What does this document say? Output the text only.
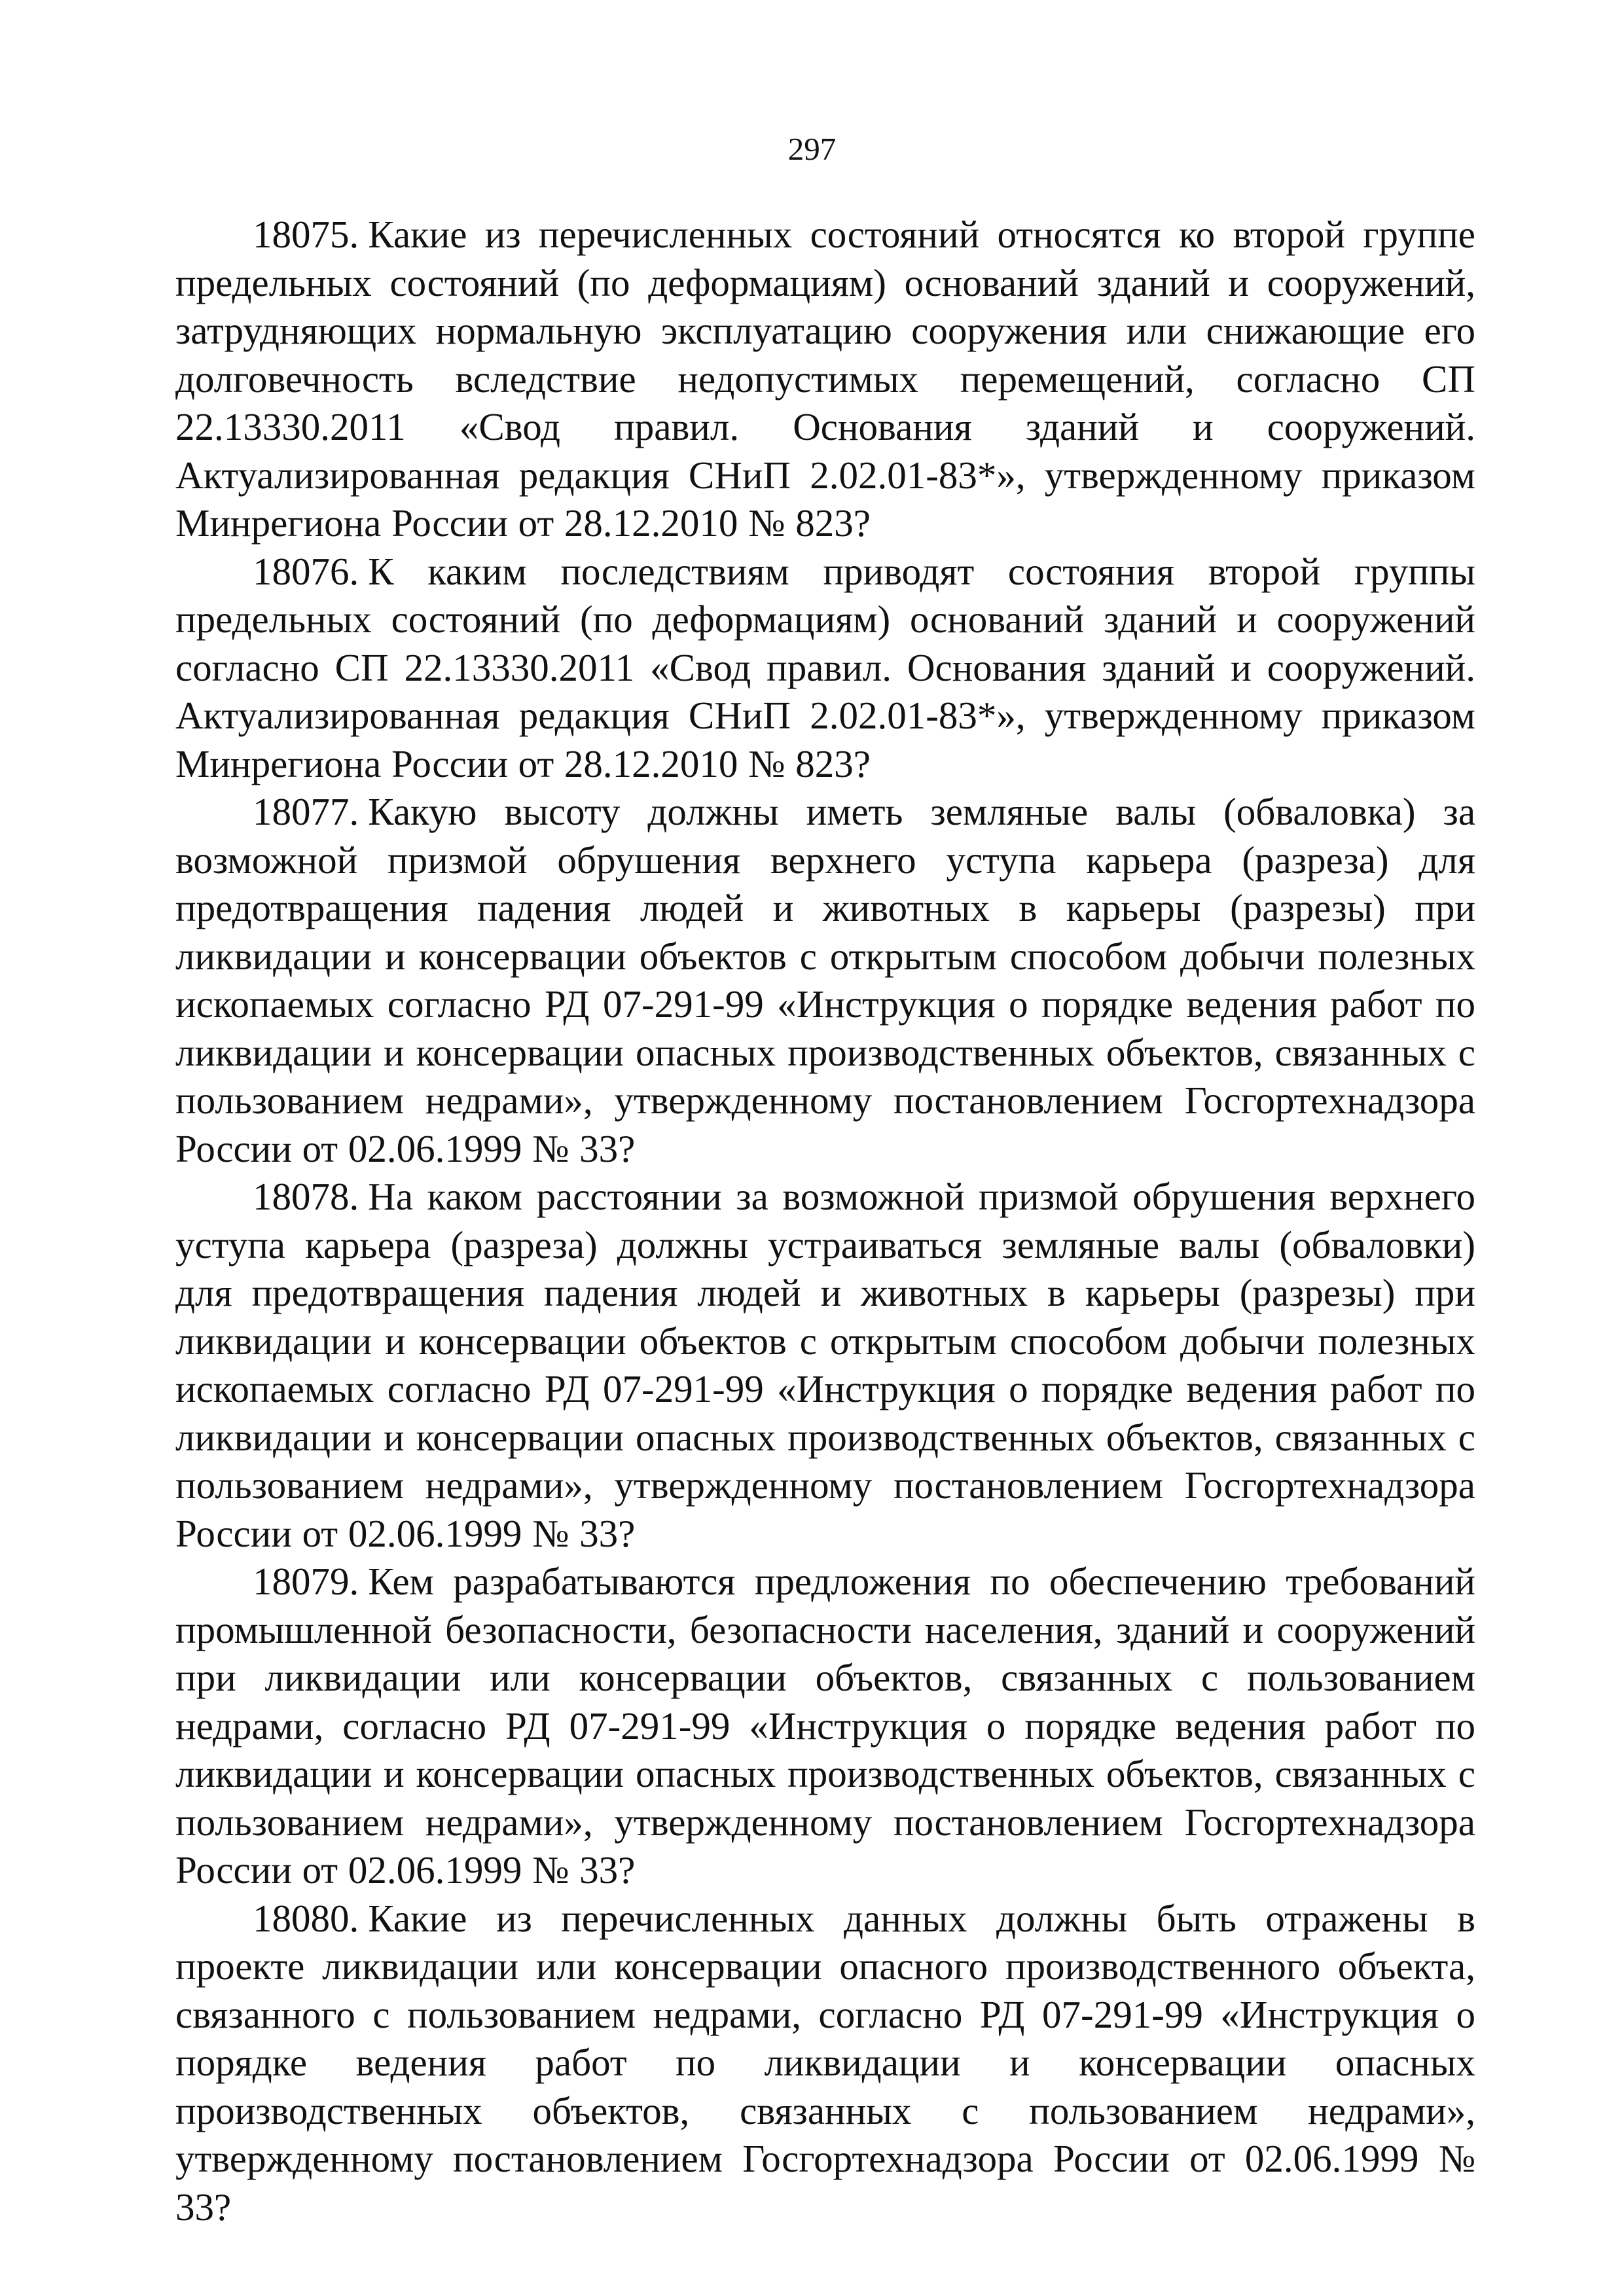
297

18075. Какие из перечисленных состояний относятся ко второй группе предельных состояний (по деформациям) оснований зданий и сооружений, затрудняющих нормальную эксплуатацию сооружения или снижающие его долговечность вследствие недопустимых перемещений, согласно СП 22.13330.2011 «Свод правил. Основания зданий и сооружений. Актуализированная редакция СНиП 2.02.01-83*», утвержденному приказом Минрегиона России от 28.12.2010 № 823?

18076. К каким последствиям приводят состояния второй группы предельных состояний (по деформациям) оснований зданий и сооружений согласно СП 22.13330.2011 «Свод правил. Основания зданий и сооружений. Актуализированная редакция СНиП 2.02.01-83*», утвержденному приказом Минрегиона России от 28.12.2010 № 823?

18077. Какую высоту должны иметь земляные валы (обваловка) за возможной призмой обрушения верхнего уступа карьера (разреза) для предотвращения падения людей и животных в карьеры (разрезы) при ликвидации и консервации объектов с открытым способом добычи полезных ископаемых согласно РД 07-291-99 «Инструкция о порядке ведения работ по ликвидации и консервации опасных производственных объектов, связанных с пользованием недрами», утвержденному постановлением Госгортехнадзора России от 02.06.1999 № 33?

18078. На каком расстоянии за возможной призмой обрушения верхнего уступа карьера (разреза) должны устраиваться земляные валы (обваловки) для предотвращения падения людей и животных в карьеры (разрезы) при ликвидации и консервации объектов с открытым способом добычи полезных ископаемых согласно РД 07-291-99 «Инструкция о порядке ведения работ по ликвидации и консервации опасных производственных объектов, связанных с пользованием недрами», утвержденному постановлением Госгортехнадзора России от 02.06.1999 № 33?

18079. Кем разрабатываются предложения по обеспечению требований промышленной безопасности, безопасности населения, зданий и сооружений при ликвидации или консервации объектов, связанных с пользованием недрами, согласно РД 07-291-99 «Инструкция о порядке ведения работ по ликвидации и консервации опасных производственных объектов, связанных с пользованием недрами», утвержденному постановлением Госгортехнадзора России от 02.06.1999 № 33?

18080. Какие из перечисленных данных должны быть отражены в проекте ликвидации или консервации опасного производственного объекта, связанного с пользованием недрами, согласно РД 07-291-99 «Инструкция о порядке ведения работ по ликвидации и консервации опасных производственных объектов, связанных с пользованием недрами», утвержденному постановлением Госгортехнадзора России от 02.06.1999 № 33?
